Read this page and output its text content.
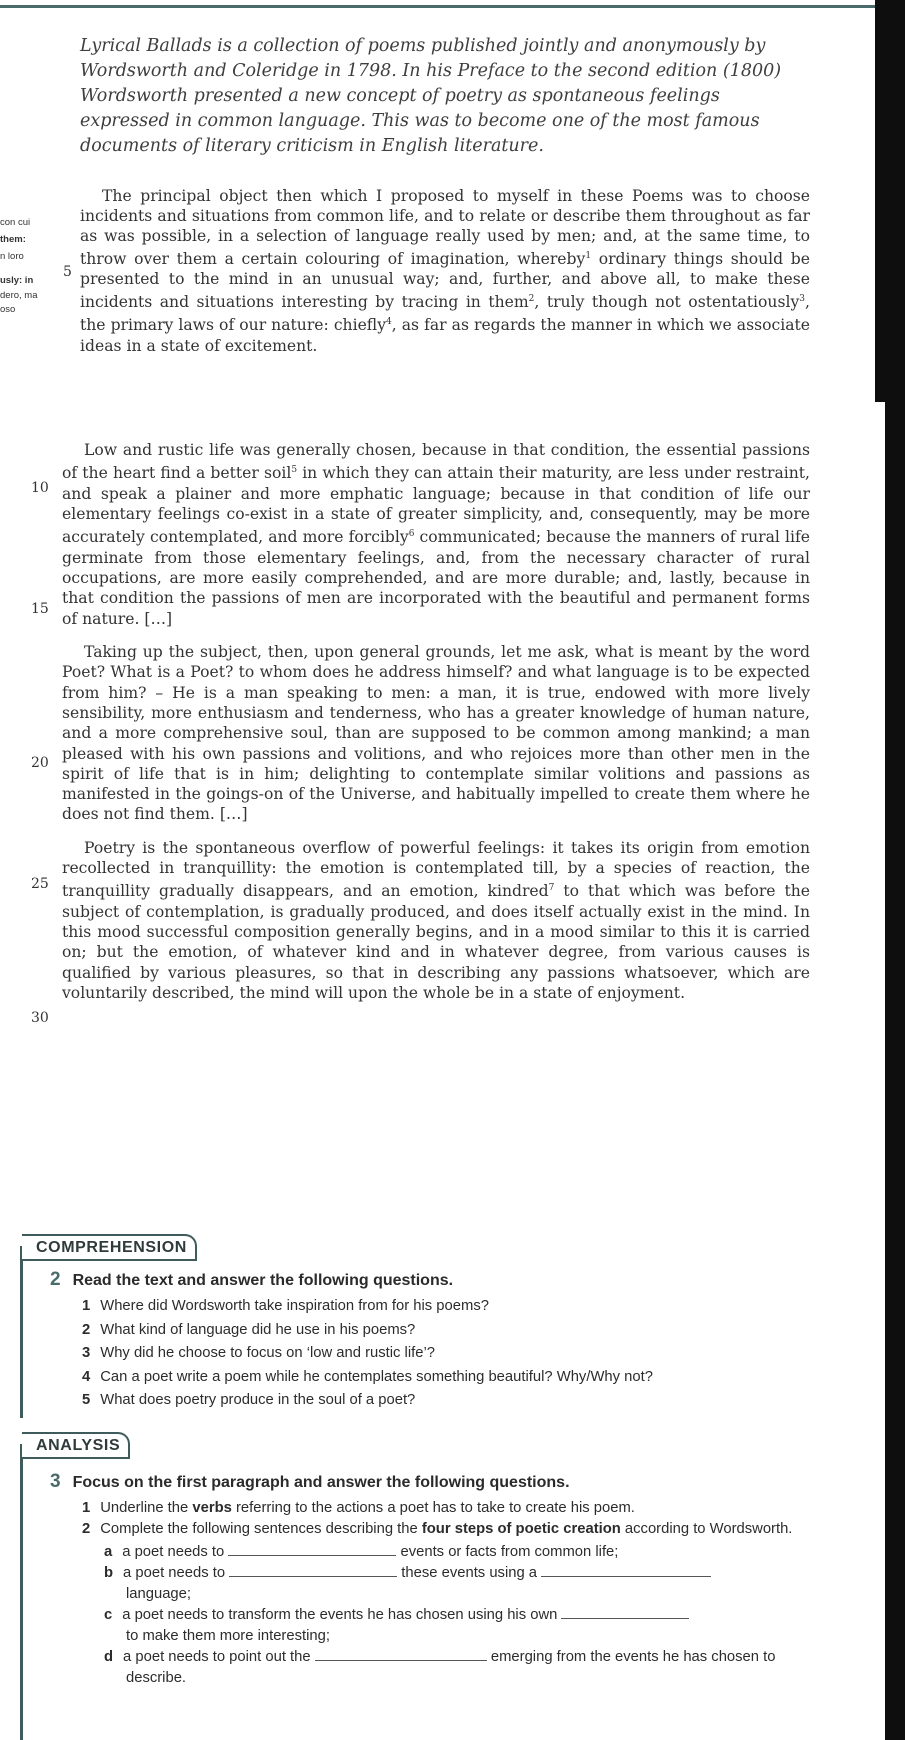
Lyrical Ballads is a collection of poems published jointly and anonymously by Wordsworth and Coleridge in 1798. In his Preface to the second edition (1800) Wordsworth presented a new concept of poetry as spontaneous feelings expressed in common language. This was to become one of the most famous documents of literary criticism in English literature.
con cui
them:
n loro
usly: in
dero, ma
oso
5
10
15
20
25
30

The principal object then which I proposed to myself in these Poems was to choose incidents and situations from common life, and to relate or describe them throughout as far as was possible, in a selection of language really used by men; and, at the same time, to throw over them a certain colouring of imagination, whereby$^1$ ordinary things should be presented to the mind in an unusual way; and, further, and above all, to make these incidents and situations interesting by tracing in them$^2$, truly though not ostentatiously$^3$, the primary laws of our nature: chiefly$^4$, as far as regards the manner in which we associate ideas in a state of excitement.

Low and rustic life was generally chosen, because in that condition, the essential passions of the heart find a better soil$^5$ in which they can attain their maturity, are less under restraint, and speak a plainer and more emphatic language; because in that condition of life our elementary feelings co-exist in a state of greater simplicity, and, consequently, may be more accurately contemplated, and more forcibly$^6$ communicated; because the manners of rural life germinate from those elementary feelings, and, from the necessary character of rural occupations, are more easily comprehended, and are more durable; and, lastly, because in that condition the passions of men are incorporated with the beautiful and permanent forms of nature. […]

Taking up the subject, then, upon general grounds, let me ask, what is meant by the word Poet? What is a Poet? to whom does he address himself? and what language is to be expected from him? – He is a man speaking to men: a man, it is true, endowed with more lively sensibility, more enthusiasm and tenderness, who has a greater knowledge of human nature, and a more comprehensive soul, than are supposed to be common among mankind; a man pleased with his own passions and volitions, and who rejoices more than other men in the spirit of life that is in him; delighting to contemplate similar volitions and passions as manifested in the goings-on of the Universe, and habitually impelled to create them where he does not find them. […]

Poetry is the spontaneous overflow of powerful feelings: it takes its origin from emotion recollected in tranquillity: the emotion is contemplated till, by a species of reaction, the tranquillity gradually disappears, and an emotion, kindred$^7$ to that which was before the subject of contemplation, is gradually produced, and does itself actually exist in the mind. In this mood successful composition generally begins, and in a mood similar to this it is carried on; but the emotion, of whatever kind and in whatever degree, from various causes is qualified by various pleasures, so that in describing any passions whatsoever, which are voluntarily described, the mind will upon the whole be in a state of enjoyment.

COMPREHENSION
2 Read the text and answer the following questions.
1 Where did Wordsworth take inspiration from for his poems?
2 What kind of language did he use in his poems?
3 Why did he choose to focus on ‘low and rustic life’?
4 Can a poet write a poem while he contemplates something beautiful? Why/Why not?
5 What does poetry produce in the soul of a poet?
ANALYSIS
3 Focus on the first paragraph and answer the following questions.
1 Underline the verbs referring to the actions a poet has to take to create his poem.
2 Complete the following sentences describing the four steps of poetic creation according to Wordsworth.
a a poet needs to	events or facts from common life;
b a poet needs to	these events using a
language;
c a poet needs to transform the events he has chosen using his own
to make them more interesting;
d a poet needs to point out the	emerging from the events he has chosen to describe.
